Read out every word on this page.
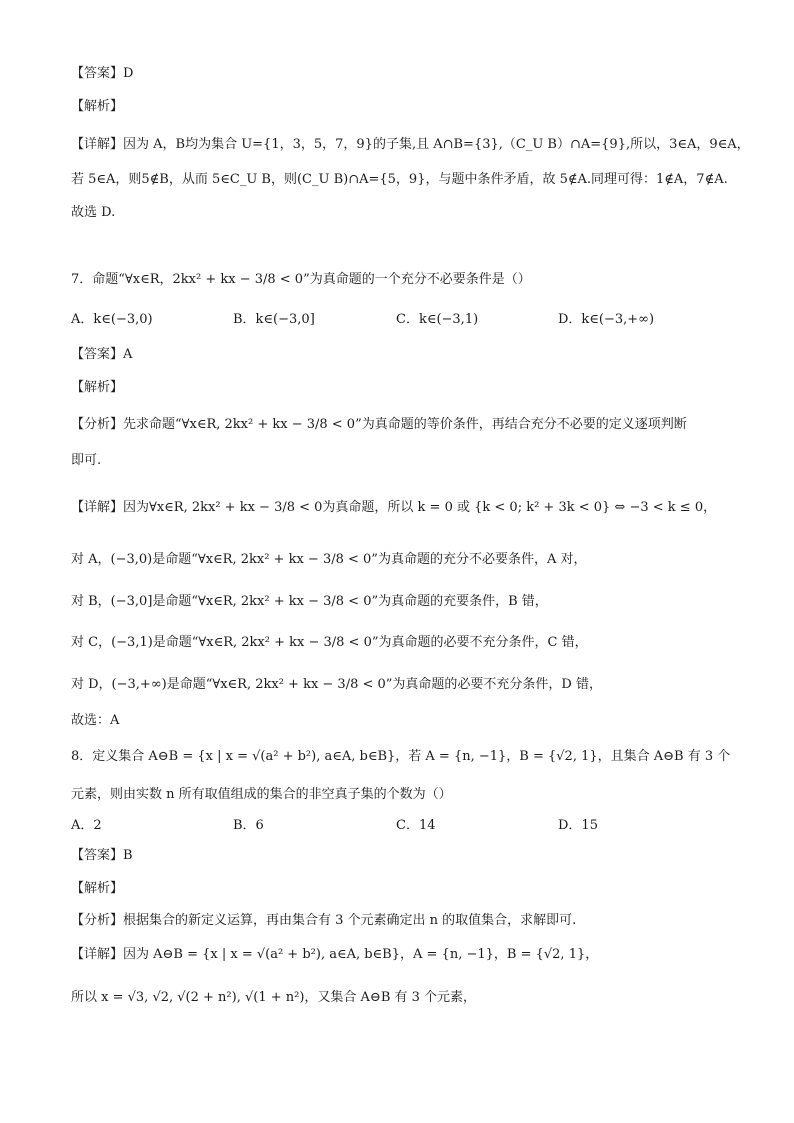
【答案】D
【解析】
【详解】因为 A，B均为集合 U={1，3，5，7，9}的子集,且 A∩B={3},（C_U B）∩A={9},所以，3∈A，9∈A，
若 5∈A，则5∉B，从而 5∈C_U B，则(C_U B)∩A={5，9}，与题中条件矛盾，故 5∉A.同理可得：1∉A，7∉A.
故选 D.
7．命题“∀x∈R，2kx² + kx − 3/8 < 0”为真命题的一个充分不必要条件是（）
A．k∈(−3,0)	B．k∈(−3,0]	C．k∈(−3,1)	D．k∈(−3,+∞)
【答案】A
【解析】
【分析】先求命题“∀x∈R, 2kx² + kx − 3/8 < 0”为真命题的等价条件，再结合充分不必要的定义逐项判断
即可.
【详解】因为∀x∈R, 2kx² + kx − 3/8 < 0为真命题，所以 k = 0 或 {k < 0; k² + 3k < 0} ⇔ −3 < k ≤ 0，
对 A，(−3,0)是命题“∀x∈R, 2kx² + kx − 3/8 < 0”为真命题的充分不必要条件，A 对，
对 B，(−3,0]是命题“∀x∈R, 2kx² + kx − 3/8 < 0”为真命题的充要条件，B 错，
对 C，(−3,1)是命题“∀x∈R, 2kx² + kx − 3/8 < 0”为真命题的必要不充分条件，C 错，
对 D，(−3,+∞)是命题“∀x∈R, 2kx² + kx − 3/8 < 0”为真命题的必要不充分条件，D 错，
故选：A
8．定义集合 A⊖B = {x | x = √(a² + b²), a∈A, b∈B}，若 A = {n, −1}，B = {√2, 1}，且集合 A⊖B 有 3 个
元素，则由实数 n 所有取值组成的集合的非空真子集的个数为（）
A．2	B．6	C．14	D．15
【答案】B
【解析】
【分析】根据集合的新定义运算，再由集合有 3 个元素确定出 n 的取值集合，求解即可.
【详解】因为 A⊖B = {x | x = √(a² + b²), a∈A, b∈B}，A = {n, −1}，B = {√2, 1}，
所以 x = √3, √2, √(2 + n²), √(1 + n²)，又集合 A⊖B 有 3 个元素，
